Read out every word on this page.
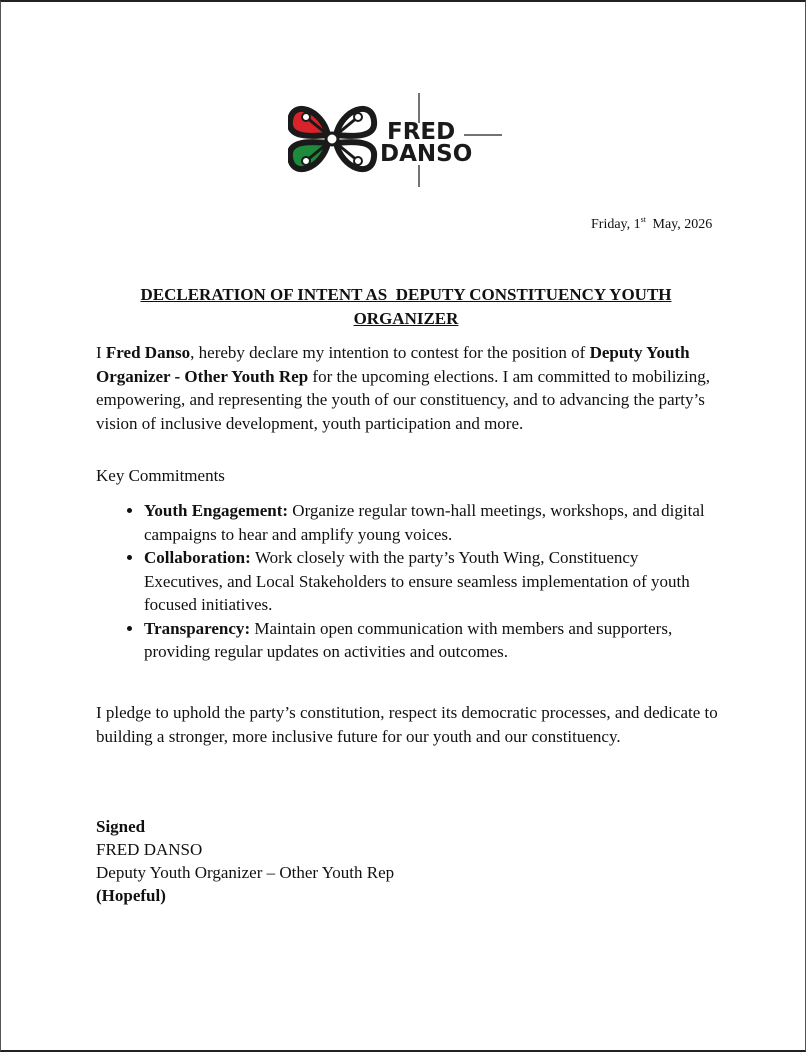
FRED
DANSO
Friday, 1st May, 2026
DECLERATION OF INTENT AS  DEPUTY CONSTITUENCY YOUTH
ORGANIZER
I Fred Danso, hereby declare my intention to contest for the position of Deputy Youth Organizer - Other Youth Rep for the upcoming elections. I am committed to mobilizing, empowering, and representing the youth of our constituency, and to advancing the party’s vision of inclusive development, youth participation and more.
Key Commitments
• Youth Engagement: Organize regular town-hall meetings, workshops, and digital campaigns to hear and amplify young voices.
• Collaboration: Work closely with the party’s Youth Wing, Constituency Executives, and Local Stakeholders to ensure seamless implementation of youth focused initiatives.
• Transparency: Maintain open communication with members and supporters, providing regular updates on activities and outcomes.
I pledge to uphold the party’s constitution, respect its democratic processes, and dedicate to building a stronger, more inclusive future for our youth and our constituency.
Signed
FRED DANSO
Deputy Youth Organizer – Other Youth Rep
(Hopeful)
